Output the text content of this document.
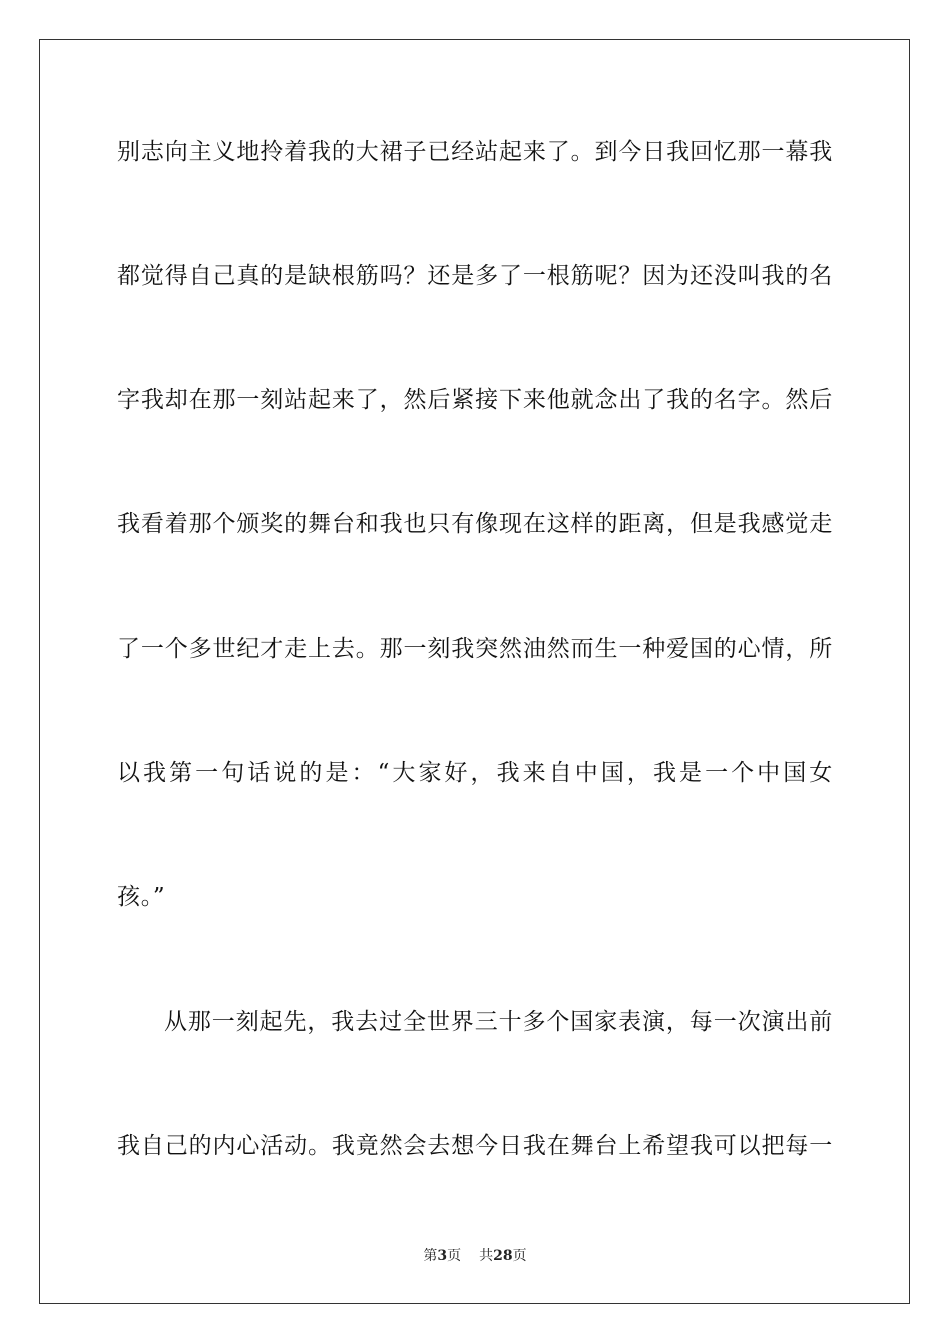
别志向主义地拎着我的大裙子已经站起来了。到今日我回忆那一幕我
都觉得自己真的是缺根筋吗？还是多了一根筋呢？因为还没叫我的名
字我却在那一刻站起来了，然后紧接下来他就念出了我的名字。然后
我看着那个颁奖的舞台和我也只有像现在这样的距离，但是我感觉走
了一个多世纪才走上去。那一刻我突然油然而生一种爱国的心情，所
以我第一句话说的是：“大家好，我来自中国，我是一个中国女
孩。”
从那一刻起先，我去过全世界三十多个国家表演，每一次演出前
我自己的内心活动。我竟然会去想今日我在舞台上希望我可以把每一
第3页 共28页
